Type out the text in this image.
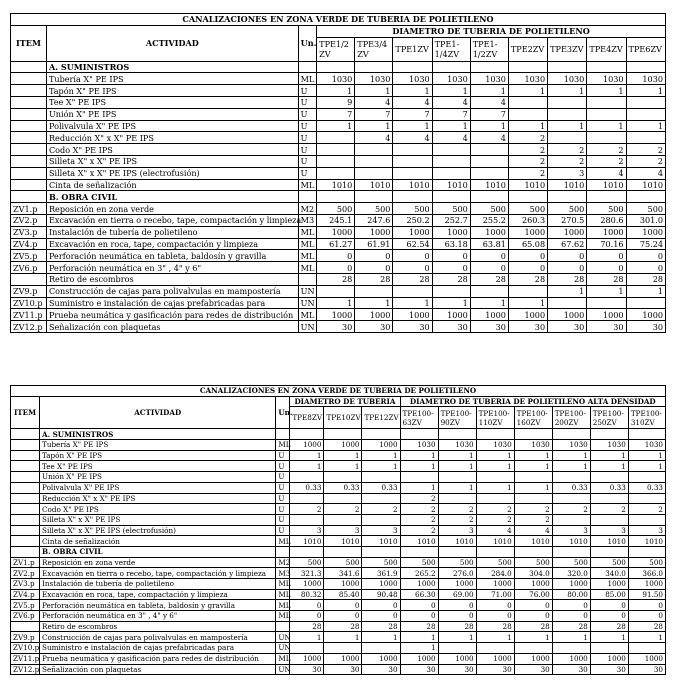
CANALIZACIONES EN ZONA VERDE DE TUBERIA DE POLIETILENO											
ITEM	ACTIVIDAD	Un.	DIAMETRO DE TUBERIA DE POLIETILENO								
			TPE1/2 ZV	TPE3/4 ZV	TPE1ZV	TPE1-1/4ZV	TPE1-1/2ZV	TPE2ZV	TPE3ZV	TPE4ZV	TPE6ZV
	A. SUMINISTROS										
	Tubería X" PE IPS	ML	1030	1030	1030	1030	1030	1030	1030	1030	1030
	Tapón X" PE IPS	U	1	1	1	1	1	1	1	1	1
	Tee X" PE IPS	U	9	4	4	4	4				
	Unión X" PE IPS	U	7	7	7	7	7				
	Polivalvula X" PE IPS	U	1	1	1	1	1	1	1	1	1
	Reducción X" x X" PE IPS	U		4	4	4	4	2			
	Codo X" PE IPS	U						2	2	2	2
	Silleta X" x X" PE IPS	U						2	2	2	2
	Silleta X" x X" PE IPS (electrofusión)	U						2	3	4	4
	Cinta de señalización	ML	1010	1010	1010	1010	1010	1010	1010	1010	1010
	B. OBRA CIVIL										
ZV1.p	Reposición en zona verde	M2	500	500	500	500	500	500	500	500	500
ZV2.p	Excavación en tierra o recebo, tape, compactación y limpieza	M3	245.1	247.6	250.2	252.7	255.2	260.3	270.5	280.6	301.0
ZV3.p	Instalación de tubería de polietileno	ML	1000	1000	1000	1000	1000	1000	1000	1000	1000
ZV4.p	Excavación en roca, tape, compactación y limpieza	ML	61.27	61.91	62.54	63.18	63.81	65.08	67.62	70.16	75.24
ZV5.p	Perforación neumática en tableta, baldosín y gravilla	ML	0	0	0	0	0	0	0	0	0
ZV6.p	Perforación neumática en 3" , 4" y 6"	ML	0	0	0	0	0	0	0	0	0
	Retiro de escombros		28	28	28	28	28	28	28	28	28
ZV9.p	Construcción de cajas para polivalvulas en mampostería	UN							1	1	1
ZV10.p	Suministro e instalación de cajas prefabricadas para	UN	1	1	1	1	1	1			
ZV11.p	Prueba neumática y gasificación para redes de distribución	ML	1000	1000	1000	1000	1000	1000	1000	1000	1000
ZV12.p	Señalización con plaquetas	UN	30	30	30	30	30	30	30	30	30
CANALIZACIONES EN ZONA VERDE DE TUBERIA DE POLIETILENO												
ITEM	ACTIVIDAD	Un.	DIAMETRO DE TUBERIA			DIAMETRO DE TUBERIA DE POLIETILENO ALTA DENSIDAD						
			TPE8ZV	TPE10ZV	TPE12ZV	TPE100-63ZV	TPE100-90ZV	TPE100-110ZV	TPE100-160ZV	TPE100-200ZV	TPE100-250ZV	TPE100-310ZV
	A. SUMINISTROS											
	Tubería X" PE IPS	ML	1000	1000	1000	1030	1030	1030	1030	1030	1030	1030
	Tapón X" PE IPS	U	1	1	1	1	1	1	1	1	1	1
	Tee X" PE IPS	U	1	1	1	1	1	1	1	1	1	1
	Unión X" PE IPS	U										
	Polivalvula X" PE IPS	U	0.33	0.33	0.33	1	1	1	1	0.33	0.33	0.33
	Reducción X" x X" PE IPS	U				2						
	Codo X" PE IPS	U	2	2	2	2	2	2	2	2	2	2
	Silleta X" x X" PE IPS	U				2	2	2	2			
	Silleta X" x X" PE IPS (electrofusión)	U	3	3	3	2	3	4	4	3	3	3
	Cinta de señalización	ML	1010	1010	1010	1010	1010	1010	1010	1010	1010	1010
	B. OBRA CIVIL											
ZV1.p	Reposición en zona verde	M2	500	500	500	500	500	500	500	500	500	500
ZV2.p	Excavación en tierra o recebo, tape, compactación y limpieza	M3	321.3	341.6	361.9	265.2	276.0	284.0	304.0	320.0	340.0	366.0
ZV3.p	Instalación de tubería de polietileno	ML	1000	1000	1000	1000	1000	1000	1000	1000	1000	1000
ZV4.p	Excavación en roca, tape, compactación y limpieza	ML	80.32	85.40	90.48	66.30	69.00	71.00	76.00	80.00	85.00	91.50
ZV5.p	Perforación neumática en tableta, baldosín y gravilla	ML	0	0	0	0	0	0	0	0	0	0
ZV6.p	Perforación neumática en 3" , 4" y 6"	ML	0	0	0	0	0	0	0	0	0	0
	Retiro de escombros		28	28	28	28	28	28	28	28	28	28
ZV9.p	Construcción de cajas para polivalvulas en mampostería	UN	1	1	1	1	1	1	1	1	1	1
ZV10.p	Suministro e instalación de cajas prefabricadas para	UN				1						
ZV11.p	Prueba neumática y gasificación para redes de distribución	ML	1000	1000	1000	1000	1000	1000	1000	1000	1000	1000
ZV12.p	Señalización con plaquetas	UN	30	30	30	30	30	30	30	30	30	30
